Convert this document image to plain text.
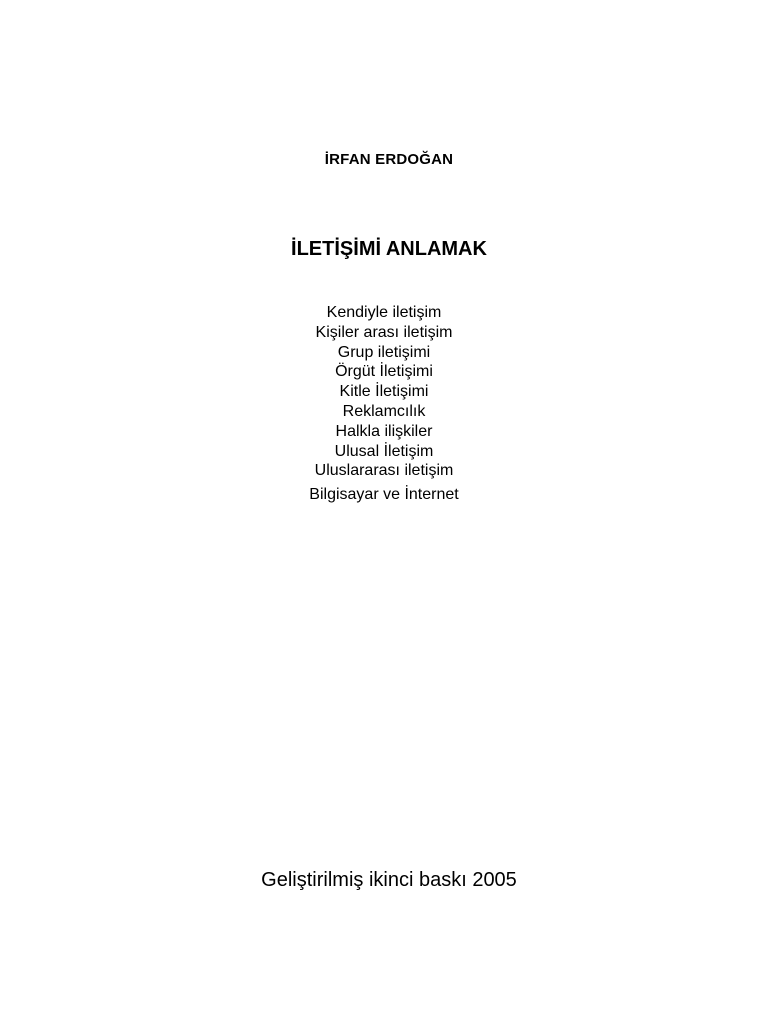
İRFAN ERDOĞAN
İLETİŞİMİ ANLAMAK
Kendiyle iletişim
Kişiler arası iletişim
Grup iletişimi
Örgüt İletişimi
Kitle İletişimi
Reklamcılık
Halkla ilişkiler
Ulusal İletişim
Uluslararası iletişim
Bilgisayar ve İnternet
Geliştirilmiş ikinci baskı 2005
